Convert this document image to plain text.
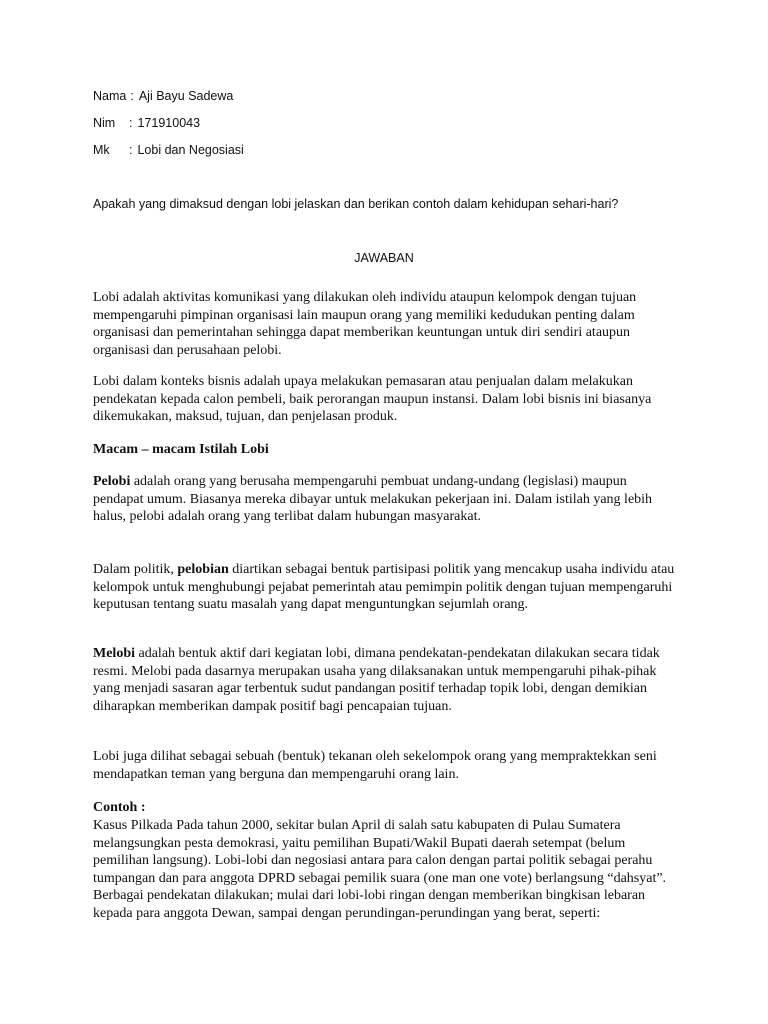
Nama : Aji Bayu Sadewa
Nim	: 171910043
Mk	: Lobi dan Negosiasi
Apakah yang dimaksud dengan lobi jelaskan dan berikan contoh dalam kehidupan sehari-hari?
JAWABAN

Lobi adalah aktivitas komunikasi yang dilakukan oleh individu ataupun kelompok dengan tujuan mempengaruhi pimpinan organisasi lain maupun orang yang memiliki kedudukan penting dalam organisasi dan pemerintahan sehingga dapat memberikan keuntungan untuk diri sendiri ataupun organisasi dan perusahaan pelobi.

Lobi dalam konteks bisnis adalah upaya melakukan pemasaran atau penjualan dalam melakukan pendekatan kepada calon pembeli, baik perorangan maupun instansi. Dalam lobi bisnis ini biasanya dikemukakan, maksud, tujuan, dan penjelasan produk.

Macam – macam Istilah Lobi

Pelobi adalah orang yang berusaha mempengaruhi pembuat undang-undang (legislasi) maupun pendapat umum. Biasanya mereka dibayar untuk melakukan pekerjaan ini. Dalam istilah yang lebih halus, pelobi adalah orang yang terlibat dalam hubungan masyarakat.

Dalam politik, pelobian diartikan sebagai bentuk partisipasi politik yang mencakup usaha individu atau kelompok untuk menghubungi pejabat pemerintah atau pemimpin politik dengan tujuan mempengaruhi keputusan tentang suatu masalah yang dapat menguntungkan sejumlah orang.

Melobi adalah bentuk aktif dari kegiatan lobi, dimana pendekatan-pendekatan dilakukan secara tidak resmi. Melobi pada dasarnya merupakan usaha yang dilaksanakan untuk mempengaruhi pihak-pihak yang menjadi sasaran agar terbentuk sudut pandangan positif terhadap topik lobi, dengan demikian diharapkan memberikan dampak positif bagi pencapaian tujuan.

Lobi juga dilihat sebagai sebuah (bentuk) tekanan oleh sekelompok orang yang mempraktekkan seni mendapatkan teman yang berguna dan mempengaruhi orang lain.

Contoh :

Kasus Pilkada Pada tahun 2000, sekitar bulan April di salah satu kabupaten di Pulau Sumatera melangsungkan pesta demokrasi, yaitu pemilihan Bupati/Wakil Bupati daerah setempat (belum pemilihan langsung). Lobi-lobi dan negosiasi antara para calon dengan partai politik sebagai perahu tumpangan dan para anggota DPRD sebagai pemilik suara (one man one vote) berlangsung “dahsyat”. Berbagai pendekatan dilakukan; mulai dari lobi-lobi ringan dengan memberikan bingkisan lebaran kepada para anggota Dewan, sampai dengan perundingan-perundingan yang berat, seperti:
